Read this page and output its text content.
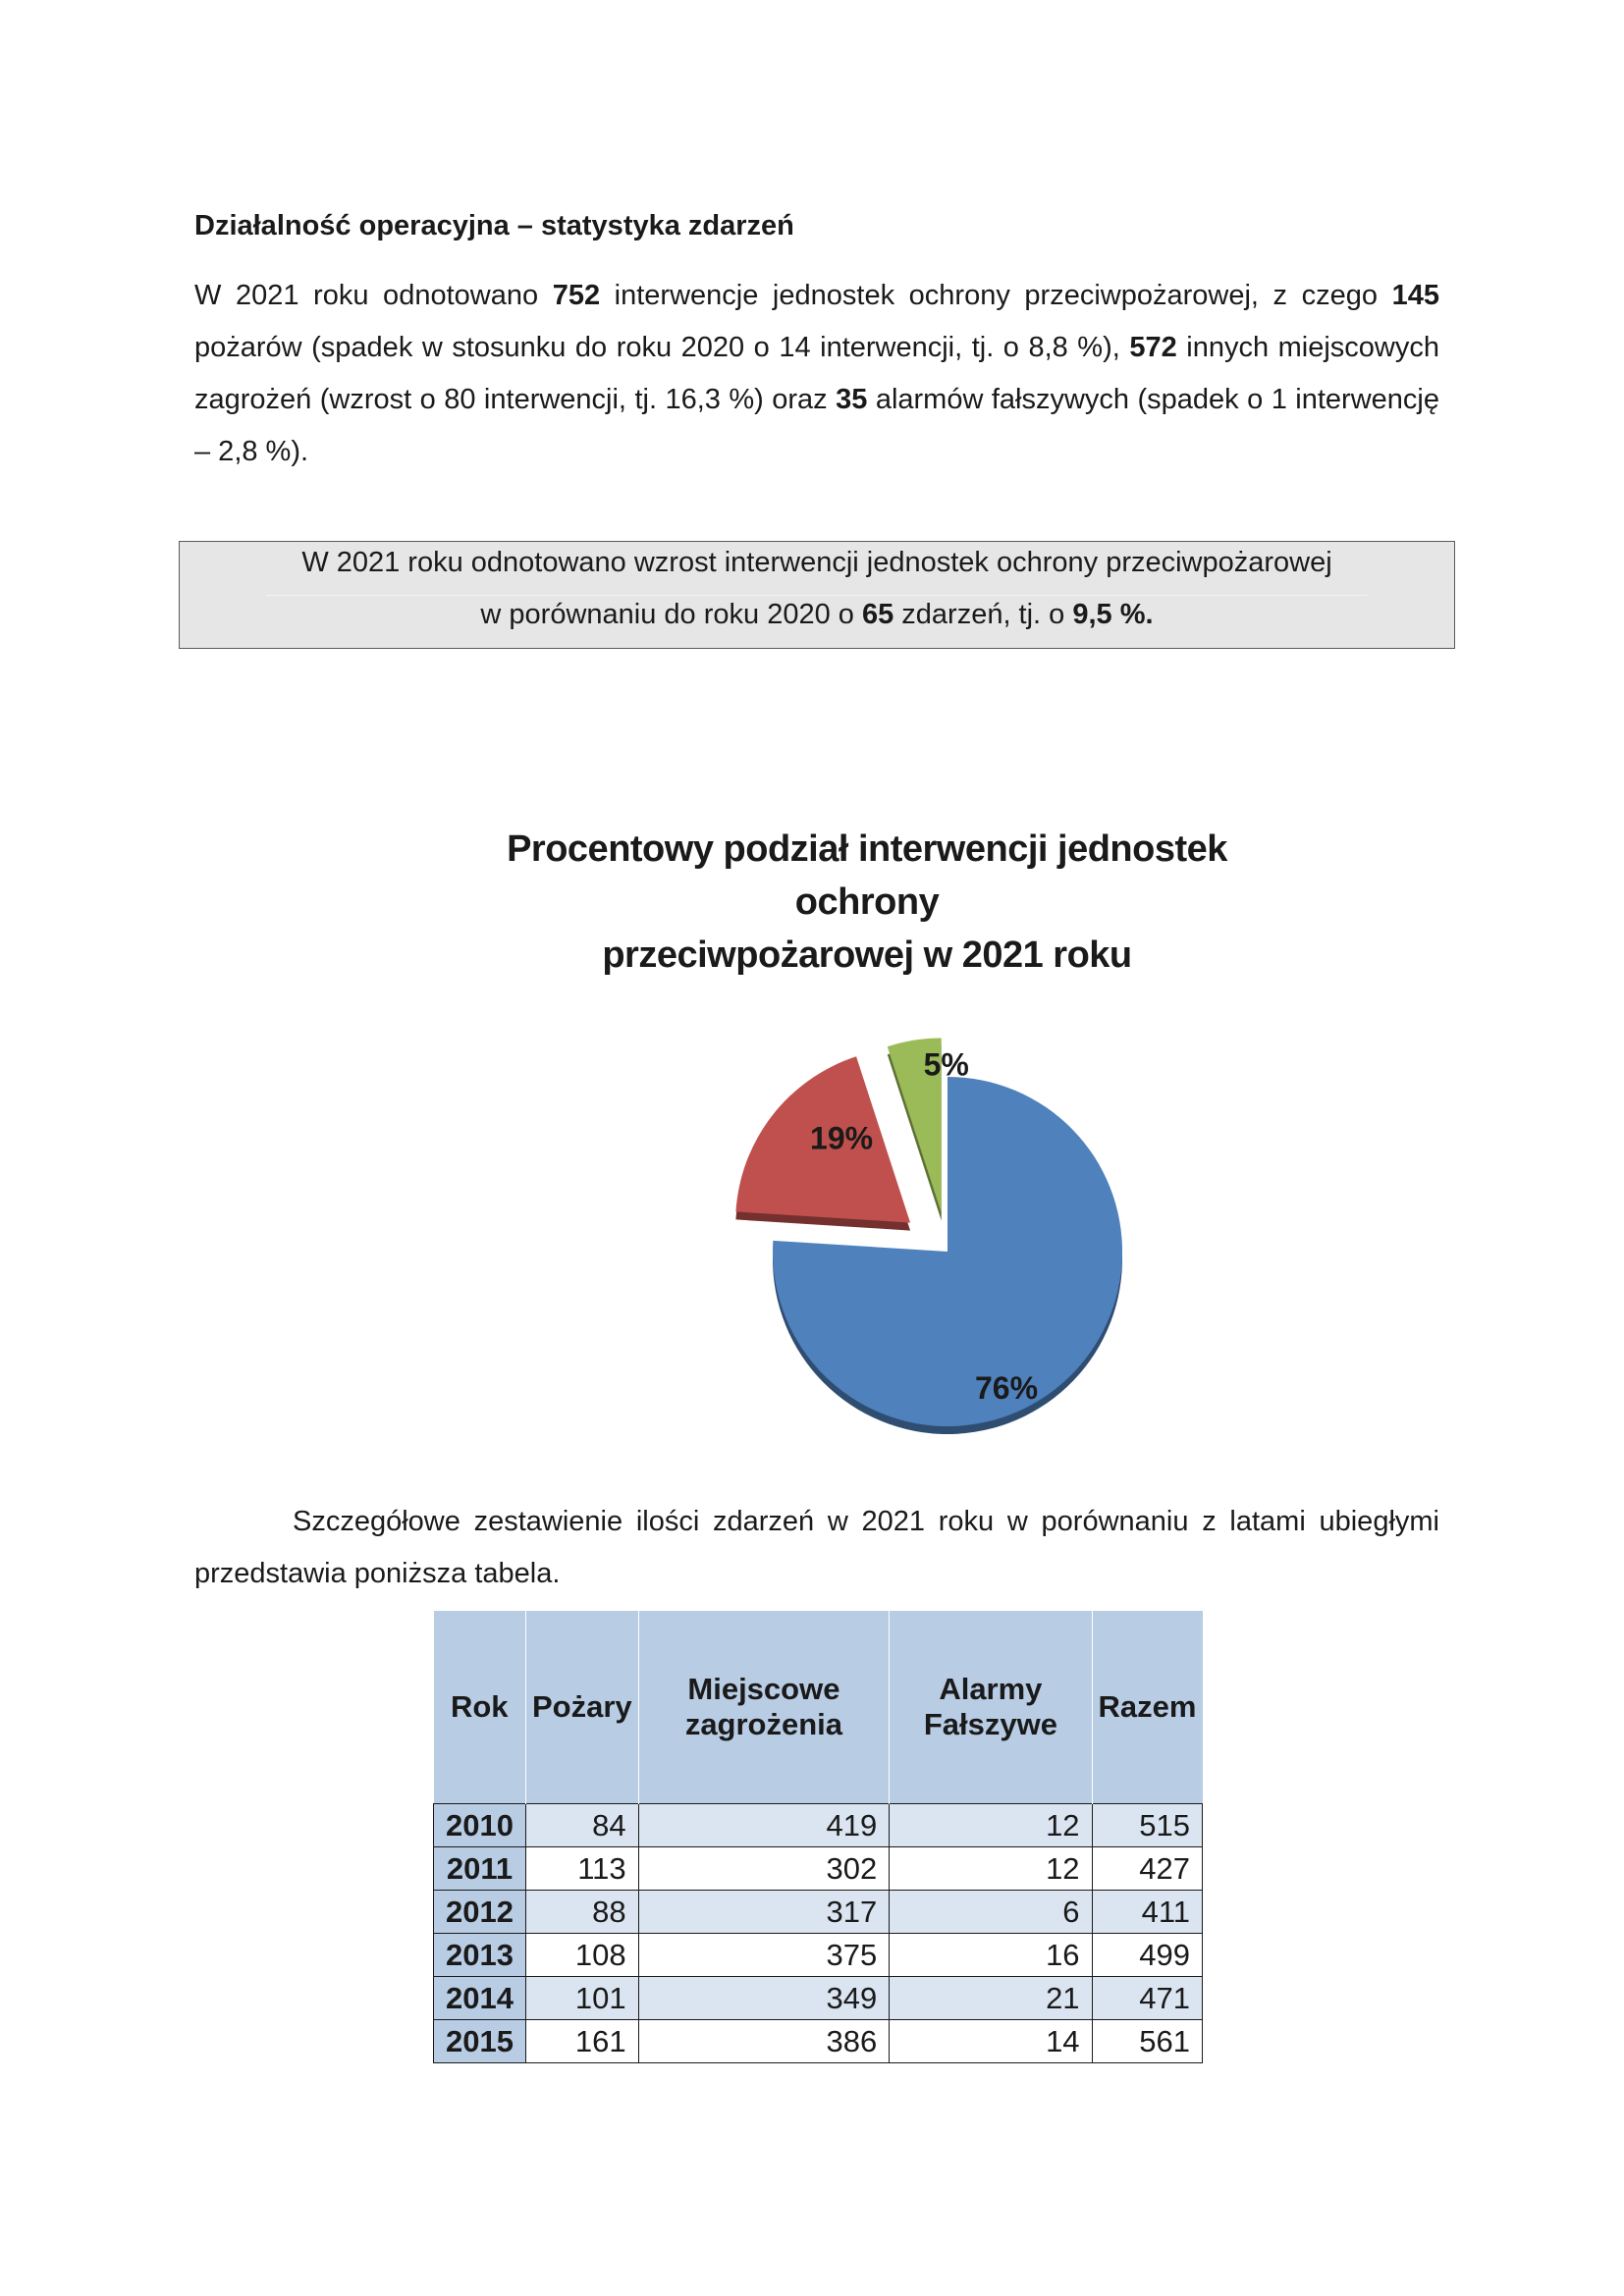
Działalność operacyjna – statystyka zdarzeń

W 2021 roku odnotowano 752 interwencje jednostek ochrony przeciwpożarowej, z czego 145 pożarów (spadek w stosunku do roku 2020 o 14 interwencji, tj. o 8,8 %), 572 innych miejscowych zagrożeń (wzrost o 80 interwencji, tj. 16,3 %) oraz 35 alarmów fałszywych (spadek o 1 interwencję – 2,8 %).

W 2021 roku odnotowano wzrost interwencji jednostek ochrony przeciwpożarowej
w porównaniu do roku 2020 o 65 zdarzeń, tj. o 9,5 %.
Procentowy podział interwencji jednostek ochrony
przeciwpożarowej w 2021 roku
76%
19%
5%

Szczegółowe zestawienie ilości zdarzeń w 2021 roku w porównaniu z latami ubiegłymi przedstawia poniższa tabela.

Rok	Pożary	Miejscowe zagrożenia	Alarmy Fałszywe	Razem
2010	84	419	12	515
2011	113	302	12	427
2012	88	317	6	411
2013	108	375	16	499
2014	101	349	21	471
2015	161	386	14	561
